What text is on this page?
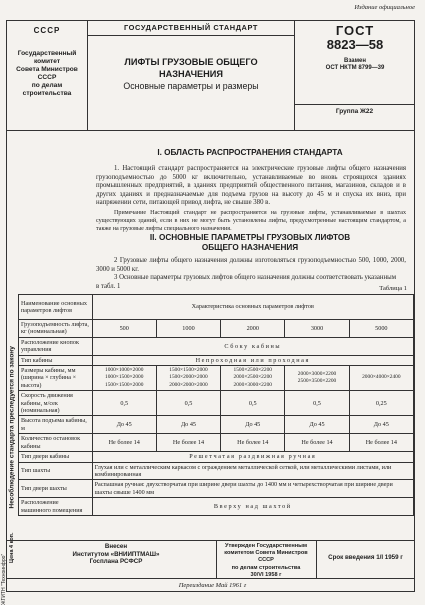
Издание официальное
СССР
Государственный
комитет
Совета Министров
СССР
по делам
строительства
ГОСУДАРСТВЕННЫЙ СТАНДАРТ	ГОСТ
8823—58
Взамен
ОСТ НКТМ 8799—39
Группа Ж22
ЛИФТЫ ГРУЗОВЫЕ ОБЩЕГО
НАЗНАЧЕНИЯ
Основные параметры и размеры
I. ОБЛАСТЬ РАСПРОСТРАНЕНИЯ СТАНДАРТА
1. Настоящий стандарт распространяется на электрические грузовые лифты общего назначения грузоподъемностью до 5000 кг включительно, устанавливаемые во вновь строящихся зданиях промышленных предприятий, в зданиях предприятий общественного питания, магазинов, складов и в других зданиях и предназначаемые для подъема грузов на высоту до 45 м и спуска их вниз, при напряжении сети, питающей привод лифта, не свыше 380 в.
Примечание Настоящий стандарт не распространяется на грузовые лифты, устанавливаемые в шахтах существующих зданий, если в них не могут быть установлены лифты, предусмотренные настоящим стандартом, а также на грузовые лифты специального назначения.
II. ОСНОВНЫЕ ПАРАМЕТРЫ ГРУЗОВЫХ ЛИФТОВ
ОБЩЕГО НАЗНАЧЕНИЯ
2 Грузовые лифты общего назначения должны изготовляться грузоподъемностью 500, 1000, 2000, 3000 и 5000 кг.
3 Основные параметры грузовых лифтов общего назначения должны соответствовать указанным в табл. 1	Таблица 1
Наименование основных параметров лифтов	Характеристика основных параметров лифтов				
Грузоподъемность лифта, кг (номинальная)	500	1000	2000	3000	5000
Расположение кнопок управления	Сбоку кабины				
Тип кабины	Непроходная или проходная				
Размеры кабины, мм (ширина × глубина × высота)	1000×1000×2000 1000×1500×2000 1500×1500×2000	1500×1500×2000 1500×2000×2000 2000×2000×2000	1500×2500×2200 2000×2500×2200 2000×3000×2200	2000×3000×2200 2500×3500×2200	2000×4000×2400
Скорость движения кабины, м/сек (номинальная)	0,5	0,5	0,5	0,5	0,25
Высота подъема кабины, м	До 45	До 45	До 45	До 45	До 45
Количество остановок кабины	Не более 14	Не более 14	Не более 14	Не более 14	Не более 14
Тип двери кабины	Решетчатая раздвижная ручная				
Тип шахты	Глухая или с металлическим каркасом с ограждением металлической сеткой, или металлическими листами, или комбинированная				
Тип двери шахты	Распашная ручная: двухстворчатая при ширине двери шахты до 1400 мм и четырехстворчатая при ширине двери шахты свыше 1400 мм				
Расположение машинного помещения	Вверху над шахтой				
Несоблюдение стандарта преследуется по закону
Цена 4 коп.
ЖГИТН "Техноинфро"
Внесен
Институтом «ВНИИПТМАШ»
Госплана РСФСР
Утвержден Государственным
комитетом Совета Министров СССР
по делам строительства
30/VI 1958 г
Срок введения 1/I 1959 г
Переиздание Май 1961 г
